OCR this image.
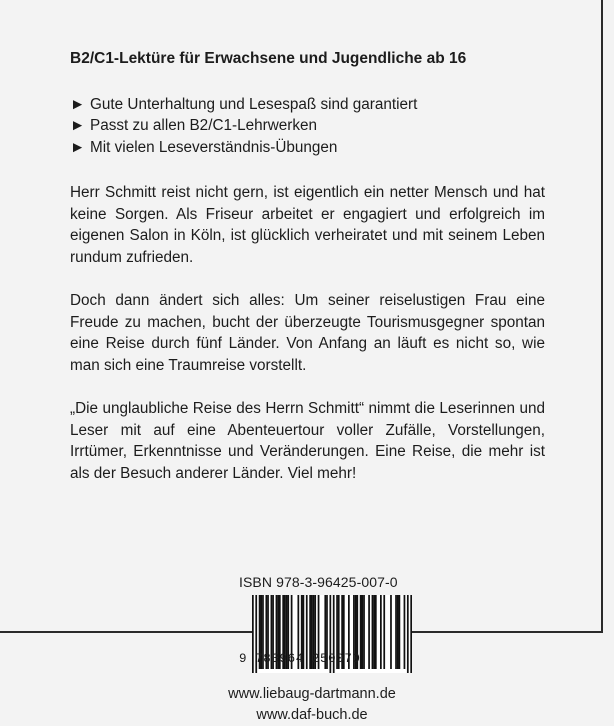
B2/C1-Lektüre für Erwachsene und Jugendliche ab 16
► Gute Unterhaltung und Lesespaß sind garantiert
► Passt zu allen B2/C1-Lehrwerken
► Mit vielen Leseverständnis-Übungen

Herr Schmitt reist nicht gern, ist eigentlich ein netter Mensch und hat keine Sorgen. Als Friseur arbeitet er engagiert und erfolgreich im eigenen Salon in Köln, ist glücklich verheiratet und mit seinem Leben rundum zufrieden.

Doch dann ändert sich alles: Um seiner reiselustigen Frau eine Freude zu machen, bucht der überzeugte Tourismusgegner spontan eine Reise durch fünf Länder. Von Anfang an läuft es nicht so, wie man sich eine Traumreise vorstellt.

„Die unglaubliche Reise des Herrn Schmitt“ nimmt die Leserinnen und Leser mit auf eine Abenteuertour voller Zufälle, Vorstellungen, Irrtümer, Erkenntnisse und Veränderungen. Eine Reise, die mehr ist als der Besuch anderer Länder. Viel mehr!

ISBN 978-3-96425-007-0
9 783964 250070
www.liebaug-dartmann.de
www.daf-buch.de
